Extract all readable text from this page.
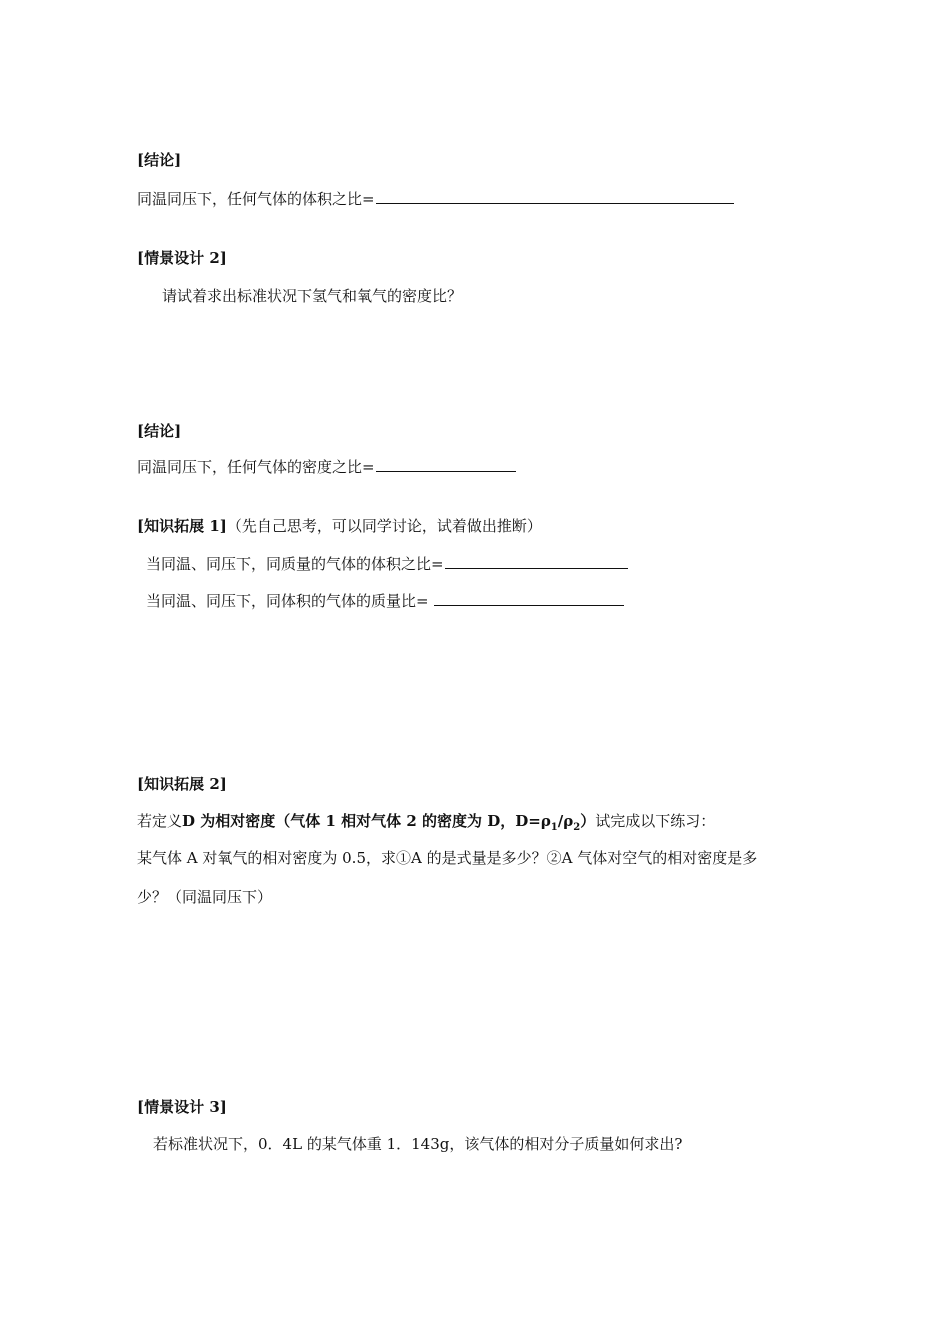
[结论]
同温同压下，任何气体的体积之比=
[情景设计 2]
请试着求出标准状况下氢气和氧气的密度比？
[结论]
同温同压下，任何气体的密度之比=
[知识拓展 1]（先自己思考，可以同学讨论，试着做出推断）
当同温、同压下，同质量的气体的体积之比=
当同温、同压下，同体积的气体的质量比=
[知识拓展 2]
若定义D 为相对密度（气体 1 相对气体 2 的密度为 D，$D=\rho_1/\rho_2$）试完成以下练习：
某气体 A 对氧气的相对密度为 0.5，求①A 的是式量是多少？②A 气体对空气的相对密度是多
少？（同温同压下）
[情景设计 3]
若标准状况下，0．4L 的某气体重 1．143g，该气体的相对分子质量如何求出?
